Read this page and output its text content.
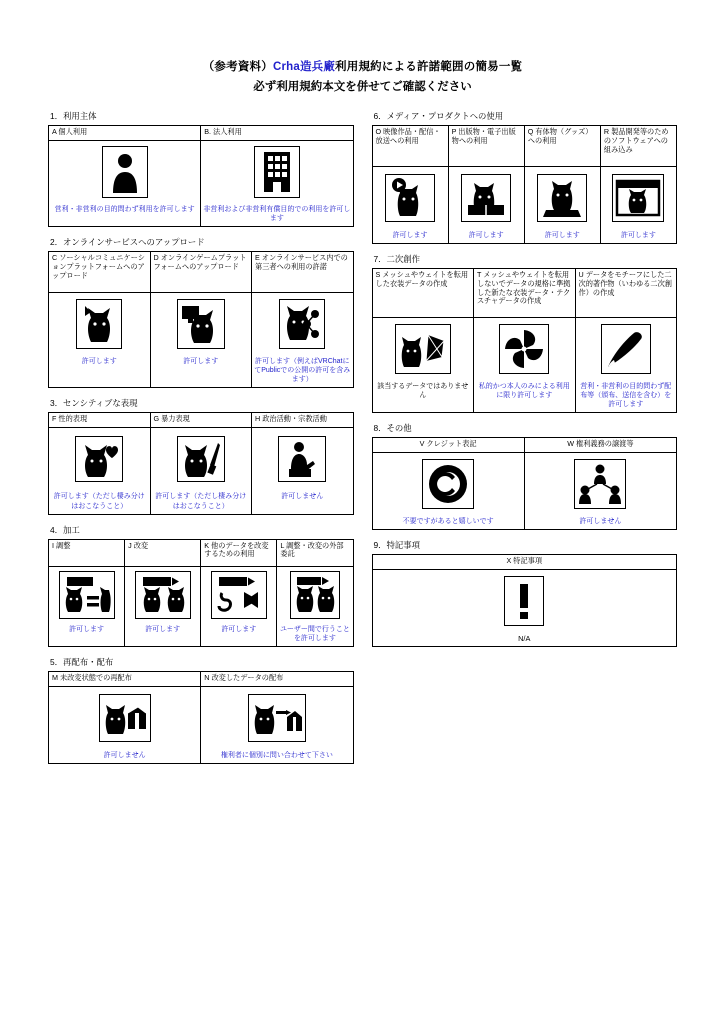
（参考資料）Crha造兵廠利用規約による許諾範囲の簡易一覧
必ず利用規約本文を併せてご確認ください
1．利用主体
A 個人利用	B. 法人利用

営利・非営利の目的問わず利用を許可します	非営利および非営利有償目的での利用を許可します
2．オンラインサービスへのアップロード
C ソーシャルコミュニケーションプラットフォームへのアップロード	D オンラインゲームプラットフォームへのアップロード	E オンラインサービス内での第三者への利用の許諾

許可します	許可します	許可します（例えばVRChatにてPublicでの公開の許可を含みます）
3．センシティブな表現
F 性的表現	G 暴力表現	H 政治活動・宗教活動

許可します（ただし棲み分けはおこなうこと）	許可します（ただし棲み分けはおこなうこと）	許可しません
4．加工
I 調整	J 改変	K 他のデータを改変するための利用	L 調整・改変の外部委託

許可します	許可します	許可します	ユーザー間で行うことを許可します
5．再配布・配布
M 未改変状態での再配布	N 改変したデータの配布

許可しません	権利者に個別に問い合わせて下さい
6．メディア・プロダクトへの使用
O 映像作品・配信・放送への利用	P 出版物・電子出版物への利用	Q 有体物（グッズ）への利用	R 製品開発等のためのソフトウェアへの組み込み

許可します	許可します	許可します	許可します
7．二次創作
S メッシュやウェイトを転用した衣装データの作成	T メッシュやウェイトを転用しないでデータの規格に準拠した新たな衣装データ・テクスチャデータの作成	U データをモチーフにした二次的著作物（いわゆる二次創作）の作成

該当するデータではありません	私的かつ本人のみによる利用に限り許可します	営利・非営利の目的問わず配布等（頒布、送信を含む）を許可します
8．その他
V クレジット表記	W 権利義務の譲渡等

不要ですがあると嬉しいです	許可しません
9．特記事項
X 特記事項

N/A
